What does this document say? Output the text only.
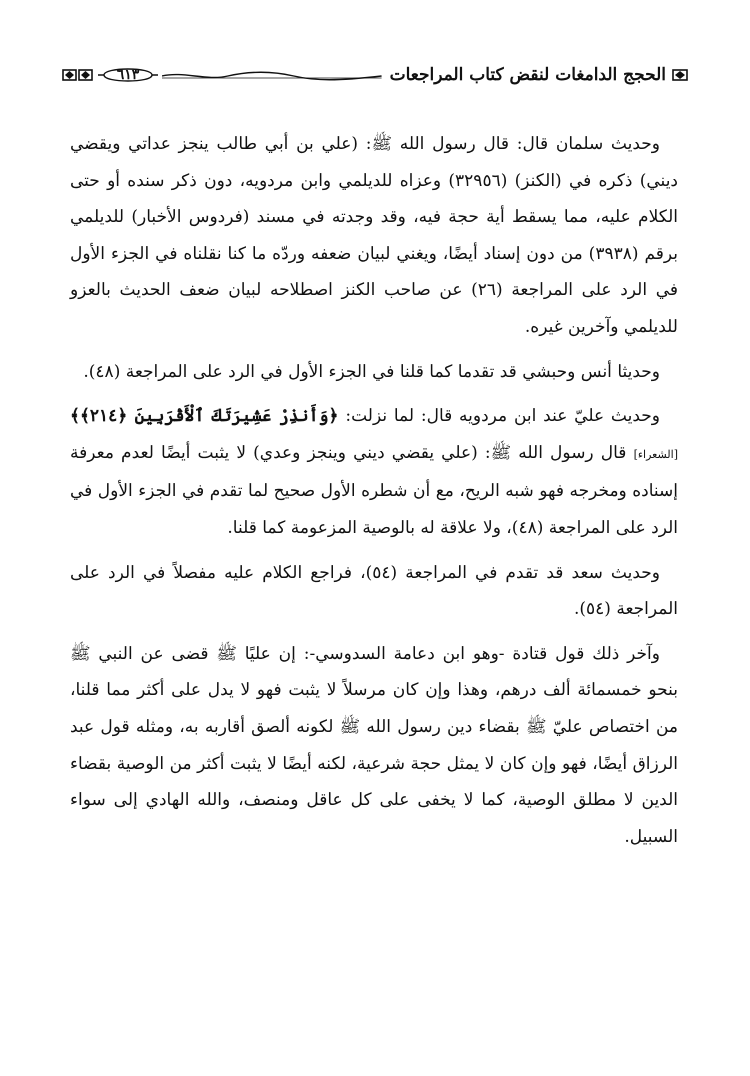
الحجج الدامغات لنقض كتاب المراجعات
٦١٣

وحديث سلمان قال: قال رسول الله ﷺ: (علي بن أبي طالب ينجز عداتي ويقضي ديني) ذكره في (الكنز) (٣٢٩٥٦) وعزاه للديلمي وابن مردويه، دون ذكر سنده أو حتى الكلام عليه، مما يسقط أية حجة فيه، وقد وجدته في مسند (فردوس الأخبار) للديلمي برقم (٣٩٣٨) من دون إسناد أيضًا، ويغني لبيان ضعفه وردّه ما كنا نقلناه في الجزء الأول في الرد على المراجعة (٢٦) عن صاحب الكنز اصطلاحه لبيان ضعف الحديث بالعزو للديلمي وآخرين غيره.

وحديثا أنس وحبشي قد تقدما كما قلنا في الجزء الأول في الرد على المراجعة (٤٨).

وحديث عليّ عند ابن مردويه قال: لما نزلت: ﴿وَأَنذِرْ عَشِيرَتَكَ ٱلْأَقْرَبِينَ ﴿٢١٤﴾﴾ [الشعراء] قال رسول الله ﷺ: (علي يقضي ديني وينجز وعدي) لا يثبت أيضًا لعدم معرفة إسناده ومخرجه فهو شبه الريح، مع أن شطره الأول صحيح لما تقدم في الجزء الأول في الرد على المراجعة (٤٨)، ولا علاقة له بالوصية المزعومة كما قلنا.

وحديث سعد قد تقدم في المراجعة (٥٤)، فراجع الكلام عليه مفصلاً في الرد على المراجعة (٥٤).

وآخر ذلك قول قتادة -وهو ابن دعامة السدوسي-: إن عليًا ﷺ قضى عن النبي ﷺ بنحو خمسمائة ألف درهم، وهذا وإن كان مرسلاً لا يثبت فهو لا يدل على أكثر مما قلنا، من اختصاص عليّ ﷺ بقضاء دين رسول الله ﷺ لكونه ألصق أقاربه به، ومثله قول عبد الرزاق أيضًا، فهو وإن كان لا يمثل حجة شرعية، لكنه أيضًا لا يثبت أكثر من الوصية بقضاء الدين لا مطلق الوصية، كما لا يخفى على كل عاقل ومنصف، والله الهادي إلى سواء السبيل.
